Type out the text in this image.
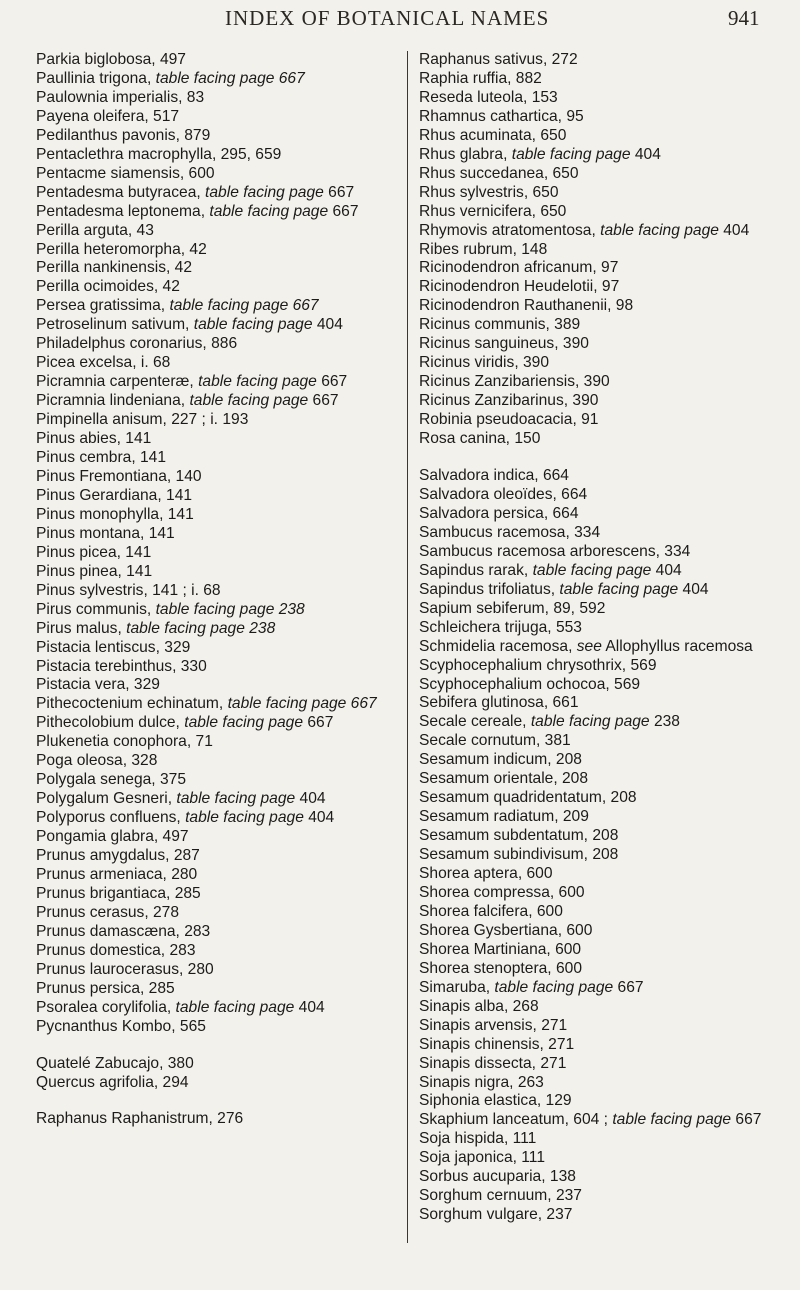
INDEX OF BOTANICAL NAMES	941
Parkia biglobosa, 497
Paullinia trigona, table facing page 667
Paulownia imperialis, 83
Payena oleifera, 517
Pedilanthus pavonis, 879
Pentaclethra macrophylla, 295, 659
Pentacme siamensis, 600
Pentadesma butyracea, table facing page 667
Pentadesma leptonema, table facing page 667
Perilla arguta, 43
Perilla heteromorpha, 42
Perilla nankinensis, 42
Perilla ocimoides, 42
Persea gratissima, table facing page 667
Petroselinum sativum, table facing page 404
Philadelphus coronarius, 886
Picea excelsa, i. 68
Picramnia carpenteræ, table facing page 667
Picramnia lindeniana, table facing page 667
Pimpinella anisum, 227 ; i. 193
Pinus abies, 141
Pinus cembra, 141
Pinus Fremontiana, 140
Pinus Gerardiana, 141
Pinus monophylla, 141
Pinus montana, 141
Pinus picea, 141
Pinus pinea, 141
Pinus sylvestris, 141 ; i. 68
Pirus communis, table facing page 238
Pirus malus, table facing page 238
Pistacia lentiscus, 329
Pistacia terebinthus, 330
Pistacia vera, 329
Pithecoctenium echinatum, table facing page 667
Pithecolobium dulce, table facing page 667
Plukenetia conophora, 71
Poga oleosa, 328
Polygala senega, 375
Polygalum Gesneri, table facing page 404
Polyporus confluens, table facing page 404
Pongamia glabra, 497
Prunus amygdalus, 287
Prunus armeniaca, 280
Prunus brigantiaca, 285
Prunus cerasus, 278
Prunus damascæna, 283
Prunus domestica, 283
Prunus laurocerasus, 280
Prunus persica, 285
Psoralea corylifolia, table facing page 404
Pycnanthus Kombo, 565
Quatelé Zabucajo, 380
Quercus agrifolia, 294
Raphanus Raphanistrum, 276
Raphanus sativus, 272
Raphia ruffia, 882
Reseda luteola, 153
Rhamnus cathartica, 95
Rhus acuminata, 650
Rhus glabra, table facing page 404
Rhus succedanea, 650
Rhus sylvestris, 650
Rhus vernicifera, 650
Rhymovis atratomentosa, table facing page 404
Ribes rubrum, 148
Ricinodendron africanum, 97
Ricinodendron Heudelotii, 97
Ricinodendron Rauthanenii, 98
Ricinus communis, 389
Ricinus sanguineus, 390
Ricinus viridis, 390
Ricinus Zanzibariensis, 390
Ricinus Zanzibarinus, 390
Robinia pseudoacacia, 91
Rosa canina, 150
Salvadora indica, 664
Salvadora oleoïdes, 664
Salvadora persica, 664
Sambucus racemosa, 334
Sambucus racemosa arborescens, 334
Sapindus rarak, table facing page 404
Sapindus trifoliatus, table facing page 404
Sapium sebiferum, 89, 592
Schleichera trijuga, 553
Schmidelia racemosa, see Allophyllus racemosa
Scyphocephalium chrysothrix, 569
Scyphocephalium ochocoa, 569
Sebifera glutinosa, 661
Secale cereale, table facing page 238
Secale cornutum, 381
Sesamum indicum, 208
Sesamum orientale, 208
Sesamum quadridentatum, 208
Sesamum radiatum, 209
Sesamum subdentatum, 208
Sesamum subindivisum, 208
Shorea aptera, 600
Shorea compressa, 600
Shorea falcifera, 600
Shorea Gysbertiana, 600
Shorea Martiniana, 600
Shorea stenoptera, 600
Simaruba, table facing page 667
Sinapis alba, 268
Sinapis arvensis, 271
Sinapis chinensis, 271
Sinapis dissecta, 271
Sinapis nigra, 263
Siphonia elastica, 129
Skaphium lanceatum, 604 ; table facing page 667
Soja hispida, 111
Soja japonica, 111
Sorbus aucuparia, 138
Sorghum cernuum, 237
Sorghum vulgare, 237
